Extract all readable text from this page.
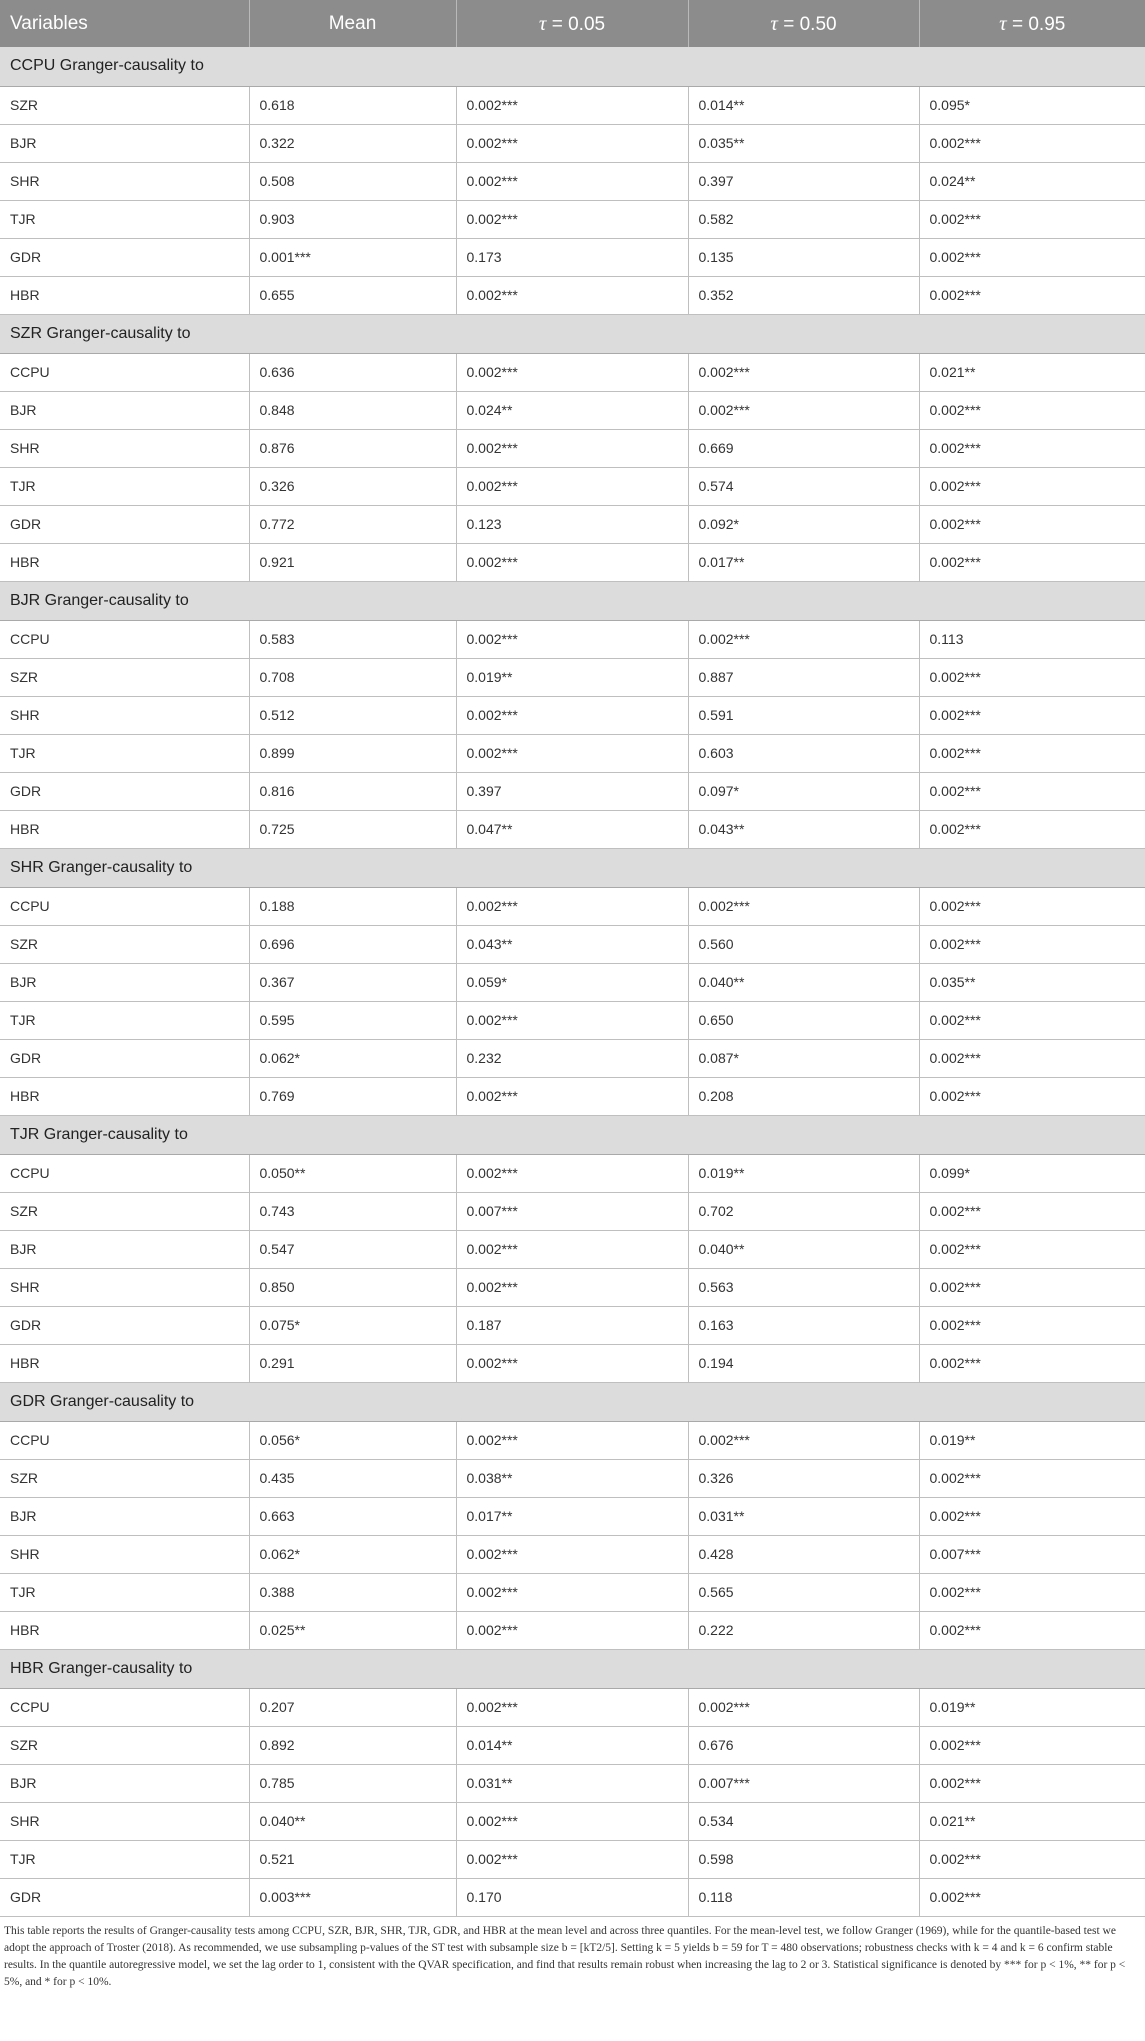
Variables	Mean	τ = 0.05	τ = 0.50	τ = 0.95
CCPU Granger-causality to				
SZR	0.618	0.002***	0.014**	0.095*
BJR	0.322	0.002***	0.035**	0.002***
SHR	0.508	0.002***	0.397	0.024**
TJR	0.903	0.002***	0.582	0.002***
GDR	0.001***	0.173	0.135	0.002***
HBR	0.655	0.002***	0.352	0.002***
SZR Granger-causality to				
CCPU	0.636	0.002***	0.002***	0.021**
BJR	0.848	0.024**	0.002***	0.002***
SHR	0.876	0.002***	0.669	0.002***
TJR	0.326	0.002***	0.574	0.002***
GDR	0.772	0.123	0.092*	0.002***
HBR	0.921	0.002***	0.017**	0.002***
BJR Granger-causality to				
CCPU	0.583	0.002***	0.002***	0.113
SZR	0.708	0.019**	0.887	0.002***
SHR	0.512	0.002***	0.591	0.002***
TJR	0.899	0.002***	0.603	0.002***
GDR	0.816	0.397	0.097*	0.002***
HBR	0.725	0.047**	0.043**	0.002***
SHR Granger-causality to				
CCPU	0.188	0.002***	0.002***	0.002***
SZR	0.696	0.043**	0.560	0.002***
BJR	0.367	0.059*	0.040**	0.035**
TJR	0.595	0.002***	0.650	0.002***
GDR	0.062*	0.232	0.087*	0.002***
HBR	0.769	0.002***	0.208	0.002***
TJR Granger-causality to				
CCPU	0.050**	0.002***	0.019**	0.099*
SZR	0.743	0.007***	0.702	0.002***
BJR	0.547	0.002***	0.040**	0.002***
SHR	0.850	0.002***	0.563	0.002***
GDR	0.075*	0.187	0.163	0.002***
HBR	0.291	0.002***	0.194	0.002***
GDR Granger-causality to				
CCPU	0.056*	0.002***	0.002***	0.019**
SZR	0.435	0.038**	0.326	0.002***
BJR	0.663	0.017**	0.031**	0.002***
SHR	0.062*	0.002***	0.428	0.007***
TJR	0.388	0.002***	0.565	0.002***
HBR	0.025**	0.002***	0.222	0.002***
HBR Granger-causality to				
CCPU	0.207	0.002***	0.002***	0.019**
SZR	0.892	0.014**	0.676	0.002***
BJR	0.785	0.031**	0.007***	0.002***
SHR	0.040**	0.002***	0.534	0.021**
TJR	0.521	0.002***	0.598	0.002***
GDR	0.003***	0.170	0.118	0.002***
This table reports the results of Granger-causality tests among CCPU, SZR, BJR, SHR, TJR, GDR, and HBR at the mean level and across three quantiles. For the mean-level test, we follow Granger (1969), while for the quantile-based test we adopt the approach of Troster (2018). As recommended, we use subsampling p-values of the ST test with subsample size b = [kT2/5]. Setting k = 5 yields b = 59 for T = 480 observations; robustness checks with k = 4 and k = 6 confirm stable results. In the quantile autoregressive model, we set the lag order to 1, consistent with the QVAR specification, and find that results remain robust when increasing the lag to 2 or 3. Statistical significance is denoted by *** for p < 1%, ** for p < 5%, and * for p < 10%.
